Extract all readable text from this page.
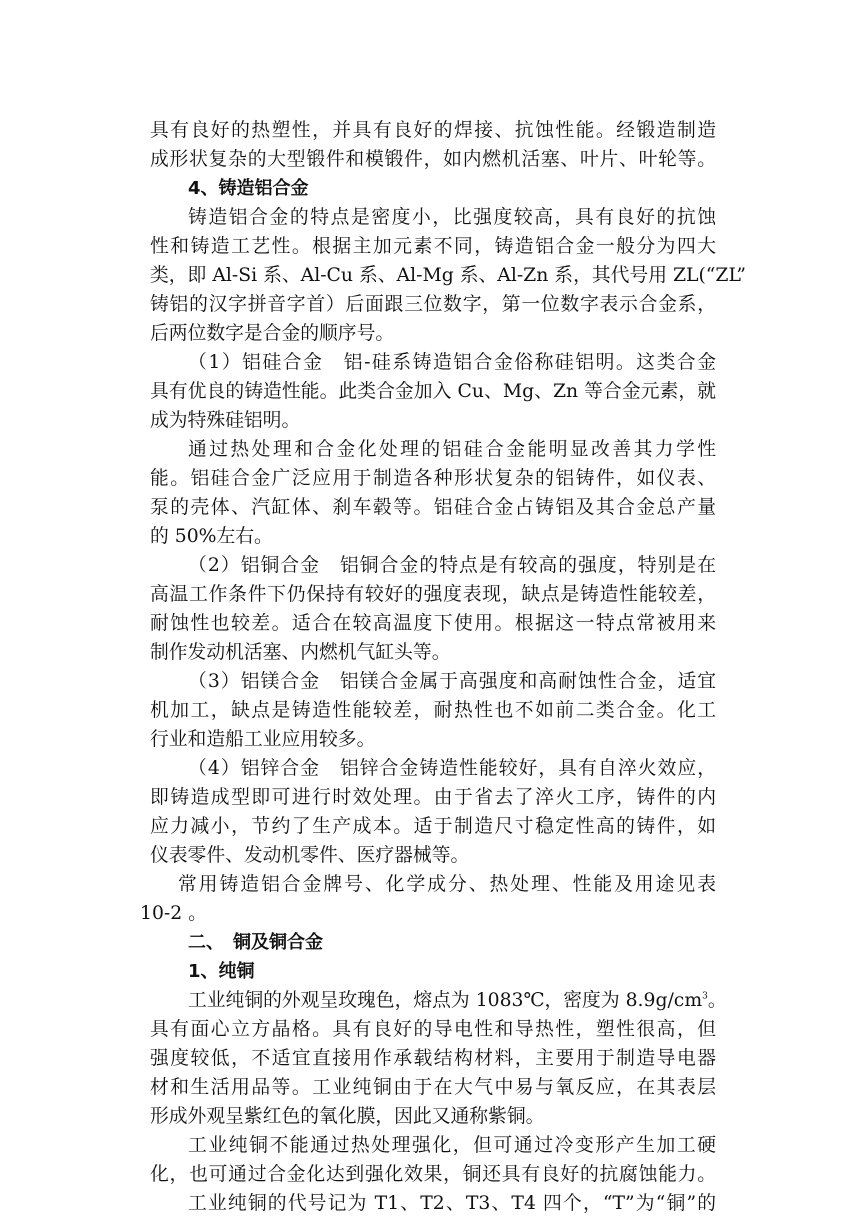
具有良好的热塑性，并具有良好的焊接、抗蚀性能。经锻造制造
成形状复杂的大型锻件和模锻件，如内燃机活塞、叶片、叶轮等。
4、铸造铝合金
铸造铝合金的特点是密度小，比强度较高，具有良好的抗蚀
性和铸造工艺性。根据主加元素不同，铸造铝合金一般分为四大
类，即 Al-Si 系、Al-Cu 系、Al-Mg 系、Al-Zn 系，其代号用 ZL(“ZL”
铸铝的汉字拼音字首）后面跟三位数字，第一位数字表示合金系，
后两位数字是合金的顺序号。
（1）铝硅合金　铝-硅系铸造铝合金俗称硅铝明。这类合金
具有优良的铸造性能。此类合金加入 Cu、Mg、Zn 等合金元素，就
成为特殊硅铝明。
通过热处理和合金化处理的铝硅合金能明显改善其力学性
能。铝硅合金广泛应用于制造各种形状复杂的铝铸件，如仪表、
泵的壳体、汽缸体、刹车毂等。铝硅合金占铸铝及其合金总产量
的 50%左右。
（2）铝铜合金　铝铜合金的特点是有较高的强度，特别是在
高温工作条件下仍保持有较好的强度表现，缺点是铸造性能较差，
耐蚀性也较差。适合在较高温度下使用。根据这一特点常被用来
制作发动机活塞、内燃机气缸头等。
（3）铝镁合金　铝镁合金属于高强度和高耐蚀性合金，适宜
机加工，缺点是铸造性能较差，耐热性也不如前二类合金。化工
行业和造船工业应用较多。
（4）铝锌合金　铝锌合金铸造性能较好，具有自淬火效应，
即铸造成型即可进行时效处理。由于省去了淬火工序，铸件的内
应力减小，节约了生产成本。适于制造尺寸稳定性高的铸件，如
仪表零件、发动机零件、医疗器械等。
常用铸造铝合金牌号、化学成分、热处理、性能及用途见表
10-2 。
二、　铜及铜合金
1、纯铜
工业纯铜的外观呈玫瑰色，熔点为 1083℃，密度为 $8.9g/cm^3$。
具有面心立方晶格。具有良好的导电性和导热性，塑性很高，但
强度较低，不适宜直接用作承载结构材料，主要用于制造导电器
材和生活用品等。工业纯铜由于在大气中易与氧反应，在其表层
形成外观呈紫红色的氧化膜，因此又通称紫铜。
工业纯铜不能通过热处理强化，但可通过冷变形产生加工硬
化，也可通过合金化达到强化效果，铜还具有良好的抗腐蚀能力。
工业纯铜的代号记为 T1、T2、T3、T4 四个，“T”为“铜”的
